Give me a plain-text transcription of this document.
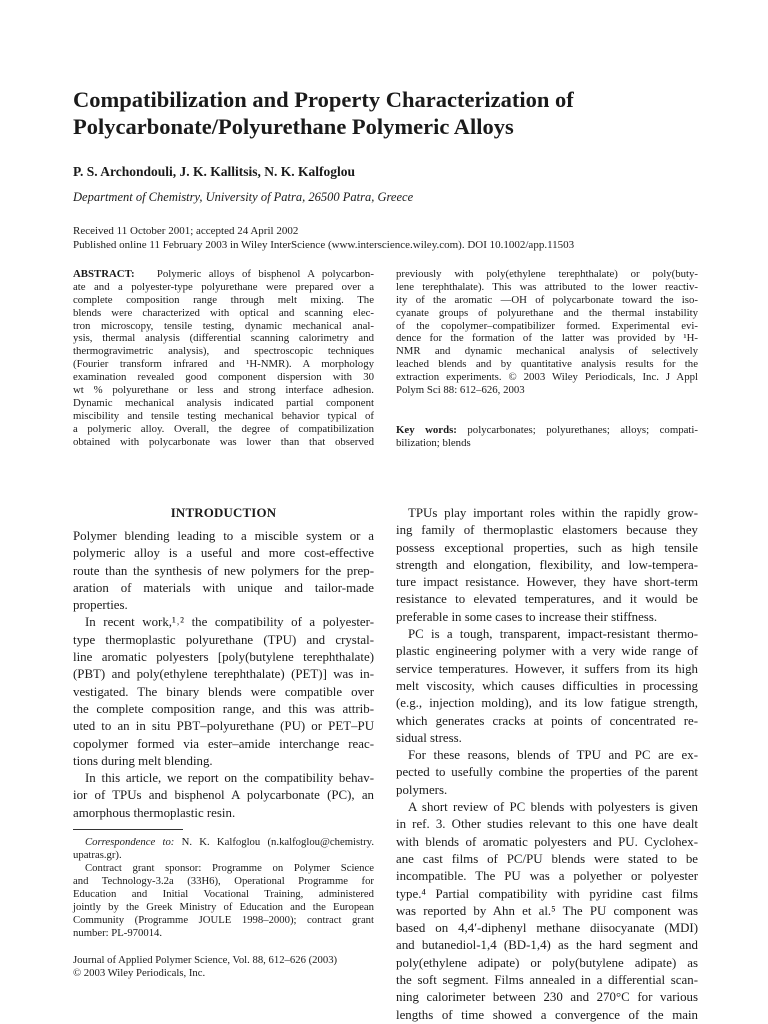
Compatibilization and Property Characterization of
Polycarbonate/Polyurethane Polymeric Alloys
P. S. Archondouli, J. K. Kallitsis, N. K. Kalfoglou
Department of Chemistry, University of Patra, 26500 Patra, Greece
Received 11 October 2001; accepted 24 April 2002
Published online 11 February 2003 in Wiley InterScience (www.interscience.wiley.com). DOI 10.1002/app.11503
ABSTRACT: Polymeric alloys of bisphenol A polycarbon-
ate and a polyester-type polyurethane were prepared over a
complete composition range through melt mixing. The
blends were characterized with optical and scanning elec-
tron microscopy, tensile testing, dynamic mechanical anal-
ysis, thermal analysis (differential scanning calorimetry and
thermogravimetric analysis), and spectroscopic techniques
(Fourier transform infrared and ¹H-NMR). A morphology
examination revealed good component dispersion with 30
wt % polyurethane or less and strong interface adhesion.
Dynamic mechanical analysis indicated partial component
miscibility and tensile testing mechanical behavior typical of
a polymeric alloy. Overall, the degree of compatibilization
obtained with polycarbonate was lower than that observed
previously with poly(ethylene terephthalate) or poly(buty-
lene terephthalate). This was attributed to the lower reactiv-
ity of the aromatic —OH of polycarbonate toward the iso-
cyanate groups of polyurethane and the thermal instability
of the copolymer–compatibilizer formed. Experimental evi-
dence for the formation of the latter was provided by ¹H-
NMR and dynamic mechanical analysis of selectively
leached blends and by quantitative analysis results for the
extraction experiments. © 2003 Wiley Periodicals, Inc. J Appl
Polym Sci 88: 612–626, 2003
Key words: polycarbonates; polyurethanes; alloys; compati-
bilization; blends
INTRODUCTION
Polymer blending leading to a miscible system or a
polymeric alloy is a useful and more cost-effective
route than the synthesis of new polymers for the prep-
aration of materials with unique and tailor-made
properties.
In recent work,¹˒² the compatibility of a polyester-
type thermoplastic polyurethane (TPU) and crystal-
line aromatic polyesters [poly(butylene terephthalate)
(PBT) and poly(ethylene terephthalate) (PET)] was in-
vestigated. The binary blends were compatible over
the complete composition range, and this was attrib-
uted to an in situ PBT–polyurethane (PU) or PET–PU
copolymer formed via ester–amide interchange reac-
tions during melt blending.
In this article, we report on the compatibility behav-
ior of TPUs and bisphenol A polycarbonate (PC), an
amorphous thermoplastic resin.
TPUs play important roles within the rapidly grow-
ing family of thermoplastic elastomers because they
possess exceptional properties, such as high tensile
strength and elongation, flexibility, and low-tempera-
ture impact resistance. However, they have short-term
resistance to elevated temperatures, and it would be
preferable in some cases to increase their stiffness.
PC is a tough, transparent, impact-resistant thermo-
plastic engineering polymer with a very wide range of
service temperatures. However, it suffers from its high
melt viscosity, which causes difficulties in processing
(e.g., injection molding), and its low fatigue strength,
which generates cracks at points of concentrated re-
sidual stress.
For these reasons, blends of TPU and PC are ex-
pected to usefully combine the properties of the parent
polymers.
A short review of PC blends with polyesters is given
in ref. 3. Other studies relevant to this one have dealt
with blends of aromatic polyesters and PU. Cyclohex-
ane cast films of PC/PU blends were stated to be
incompatible. The PU was a polyether or polyester
type.⁴ Partial compatibility with pyridine cast films
was reported by Ahn et al.⁵ The PU component was
based on 4,4′-diphenyl methane diisocyanate (MDI)
and butanediol-1,4 (BD-1,4) as the hard segment and
poly(ethylene adipate) or poly(butylene adipate) as
the soft segment. Films annealed in a differential scan-
ning calorimeter between 230 and 270°C for various
lengths of time showed a convergence of the main
Correspondence to: N. K. Kalfoglou (n.kalfoglou@chemistry.
upatras.gr).
Contract grant sponsor: Programme on Polymer Science
and Technology-3.2a (33H6), Operational Programme for
Education and Initial Vocational Training, administered
jointly by the Greek Ministry of Education and the European
Community (Programme JOULE 1998–2000); contract grant
number: PL-970014.
Journal of Applied Polymer Science, Vol. 88, 612–626 (2003)
© 2003 Wiley Periodicals, Inc.
